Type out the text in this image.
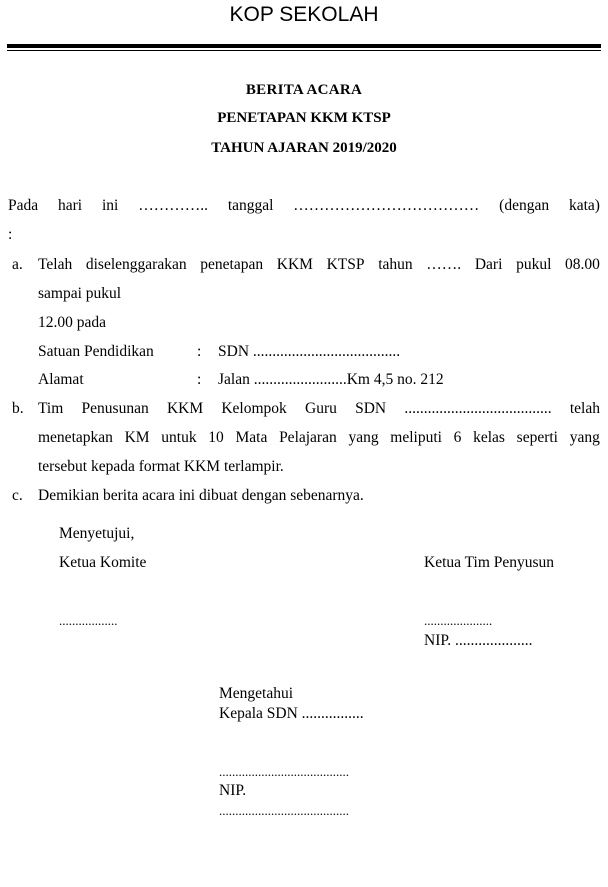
KOP SEKOLAH
BERITA ACARA
PENETAPAN KKM KTSP
TAHUN AJARAN 2019/2020
Pada hari ini ………….. tanggal ……………………………… (dengan kata)
:
a. Telah diselenggarakan penetapan KKM KTSP tahun ……. Dari pukul 08.00
sampai pukul
12.00 pada
Satuan Pendidikan	: SDN ......................................
Alamat	: Jalan ........................Km 4,5 no. 212
b. Tim Penusunan KKM Kelompok Guru SDN ...................................... telah
menetapkan KM untuk 10 Mata Pelajaran yang meliputi 6 kelas seperti yang
tersebut kepada format KKM terlampir.
c. Demikian berita acara ini dibuat dengan sebenarnya.
Menyetujui,
Ketua Komite
..................
Ketua Tim Penyusun
.....................
NIP. ....................
Mengetahui
Kepala SDN ................
........................................
NIP.
........................................
